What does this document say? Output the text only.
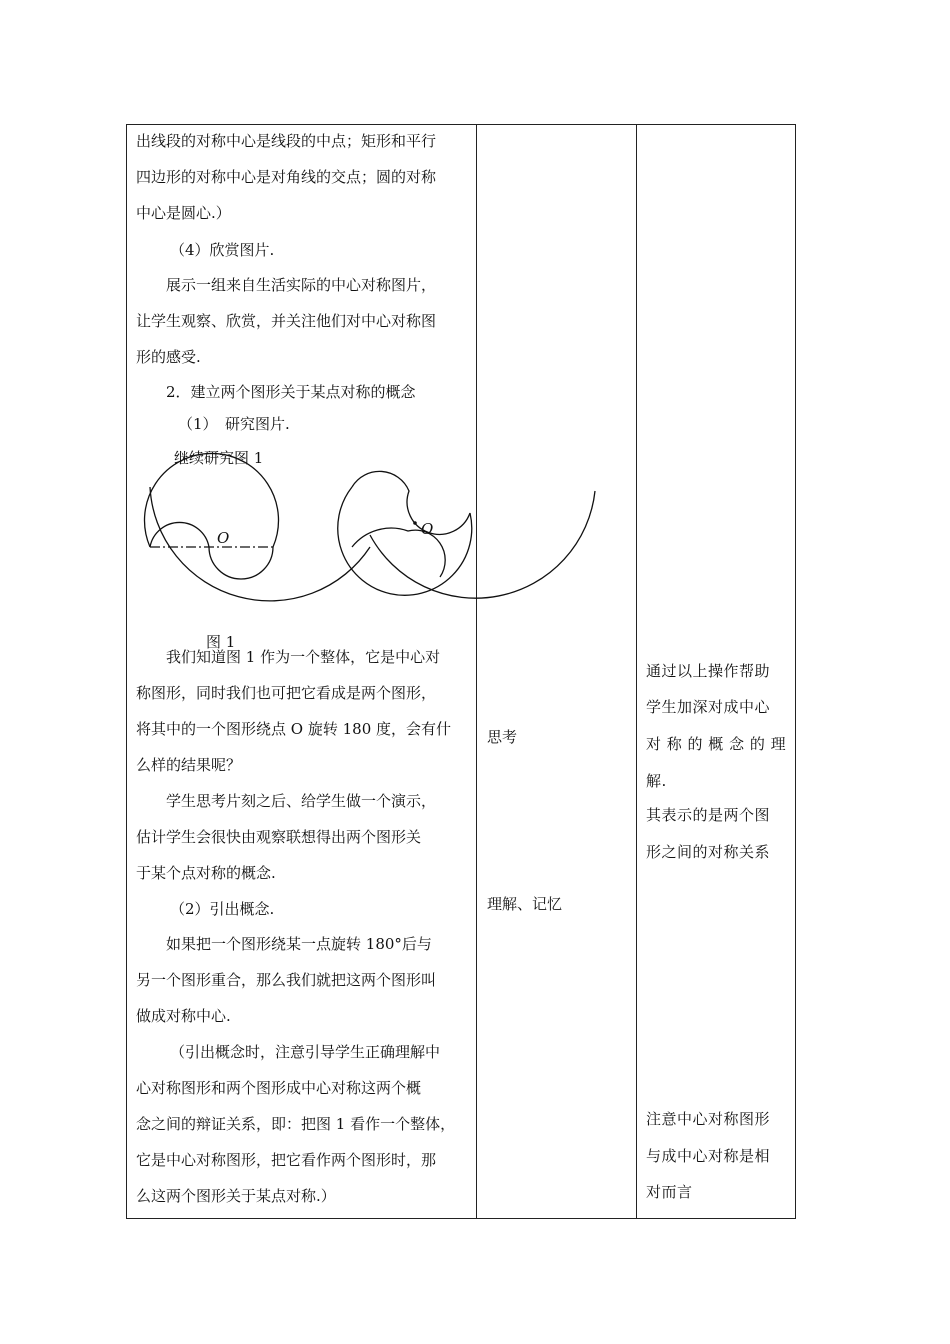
出线段的对称中心是线段的中点；矩形和平行
四边形的对称中心是对角线的交点；圆的对称
中心是圆心.）
（4）欣赏图片.
展示一组来自生活实际的中心对称图片，
让学生观察、欣赏，并关注他们对中心对称图
形的感受.
2．建立两个图形关于某点对称的概念
（1）　研究图片.
继续研究图 1
O	O
图 1
我们知道图 1 作为一个整体，它是中心对
称图形，同时我们也可把它看成是两个图形，
将其中的一个图形绕点 O 旋转 180 度，会有什
么样的结果呢？
学生思考片刻之后、给学生做一个演示，
估计学生会很快由观察联想得出两个图形关
于某个点对称的概念.
（2）引出概念.
如果把一个图形绕某一点旋转 180°后与
另一个图形重合，那么我们就把这两个图形叫
做成对称中心.
（引出概念时，注意引导学生正确理解中
心对称图形和两个图形成中心对称这两个概
念之间的辩证关系，即：把图 1 看作一个整体，
它是中心对称图形，把它看作两个图形时，那
么这两个图形关于某点对称.）
思考
理解、记忆
通过以上操作帮助
学生加深对成中心
对 称 的 概 念 的 理
解.
其表示的是两个图
形之间的对称关系
注意中心对称图形
与成中心对称是相
对而言
